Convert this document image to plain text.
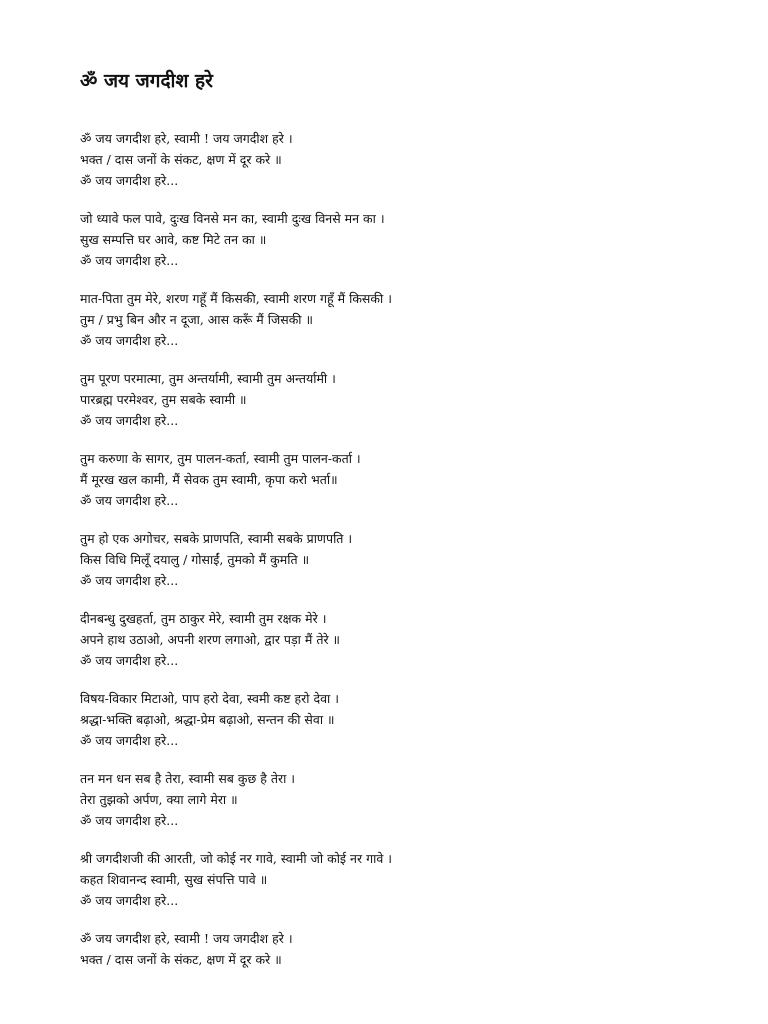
ॐ जय जगदीश हरे
ॐ जय जगदीश हरे, स्वामी ! जय जगदीश हरे ।
भक्त / दास जनों के संकट, क्षण में दूर करे ॥
ॐ जय जगदीश हरे...
जो ध्यावे फल पावे, दुःख विनसे मन का, स्वामी दुःख विनसे मन का ।
सुख सम्पत्ति घर आवे, कष्ट मिटे तन का ॥
ॐ जय जगदीश हरे...
मात-पिता तुम मेरे, शरण गहूँ मैं किसकी, स्वामी शरण गहूँ मैं किसकी ।
तुम / प्रभु बिन और न दूजा, आस करूँ मैं जिसकी ॥
ॐ जय जगदीश हरे...
तुम पूरण परमात्मा, तुम अन्तर्यामी, स्वामी तुम अन्तर्यामी ।
पारब्रह्म परमेश्वर, तुम सबके स्वामी ॥
ॐ जय जगदीश हरे...
तुम करुणा के सागर, तुम पालन-कर्ता, स्वामी तुम पालन-कर्ता ।
मैं मूरख खल कामी, मैं सेवक तुम स्वामी, कृपा करो भर्ता॥
ॐ जय जगदीश हरे...
तुम हो एक अगोचर, सबके प्राणपति, स्वामी सबके प्राणपति ।
किस विधि मिलूँ दयालु / गोसाईं, तुमको मैं कुमति ॥
ॐ जय जगदीश हरे...
दीनबन्धु दुखहर्ता, तुम ठाकुर मेरे, स्वामी तुम रक्षक मेरे ।
अपने हाथ उठाओ, अपनी शरण लगाओ, द्वार पड़ा मैं तेरे ॥
ॐ जय जगदीश हरे...
विषय-विकार मिटाओ, पाप हरो देवा, स्वमी कष्ट हरो देवा ।
श्रद्धा-भक्ति बढ़ाओ, श्रद्धा-प्रेम बढ़ाओ, सन्तन की सेवा ॥
ॐ जय जगदीश हरे...
तन मन धन सब है तेरा, स्वामी सब कुछ है तेरा ।
तेरा तुझको अर्पण, क्या लागे मेरा ॥
ॐ जय जगदीश हरे...
श्री जगदीशजी की आरती, जो कोई नर गावे, स्वामी जो कोई नर गावे ।
कहत शिवानन्द स्वामी, सुख संपत्ति पावे ॥
ॐ जय जगदीश हरे...
ॐ जय जगदीश हरे, स्वामी ! जय जगदीश हरे ।
भक्त / दास जनों के संकट, क्षण में दूर करे ॥
